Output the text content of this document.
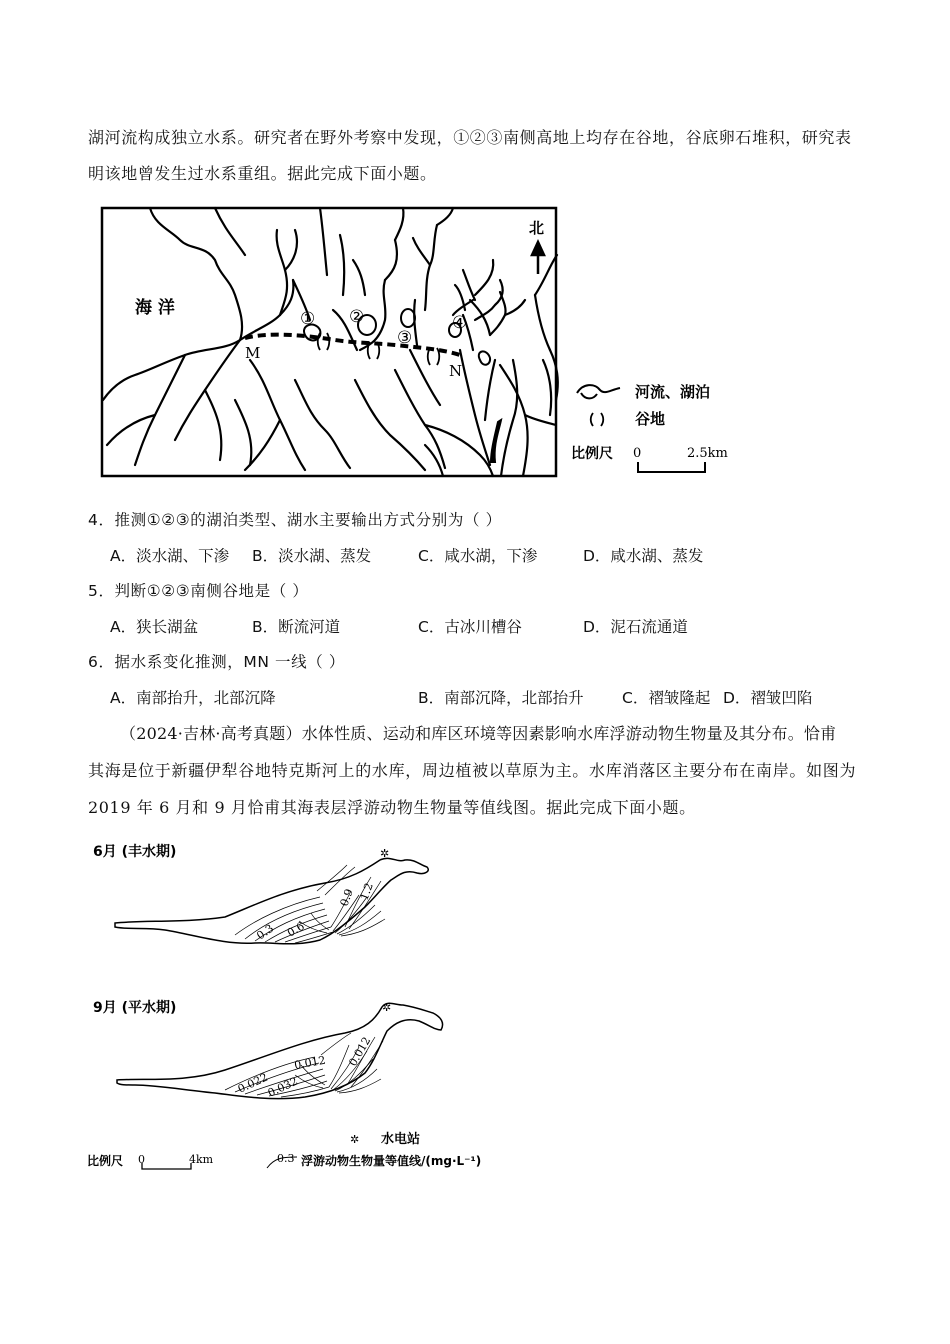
湖河流构成独立水系。研究者在野外考察中发现，①②③南侧高地上均存在谷地，谷底卵石堆积，研究表
明该地曾发生过水系重组。据此完成下面小题。
海 洋
北
M
N
① ②
③
④
河流、湖泊
谷地
比例尺 0	2.5km
4．推测①②③的湖泊类型、湖水主要输出方式分别为（ ）
A．淡水湖、下渗 B．淡水湖、蒸发	C．咸水湖，下渗	D．咸水湖、蒸发
5．判断①②③南侧谷地是（ ）
A．狭长湖盆	B．断流河道	C．古冰川槽谷	D．泥石流通道
6．据水系变化推测，MN 一线（ ）
A．南部抬升，北部沉降	B．南部沉降，北部抬升 C．褶皱隆起 D．褶皱凹陷
（2024·吉林·高考真题）水体性质、运动和库区环境等因素影响水库浮游动物生物量及其分布。恰甫
其海是位于新疆伊犁谷地特克斯河上的水库，周边植被以草原为主。水库消落区主要分布在南岸。如图为
2019 年 6 月和 9 月恰甫其海表层浮游动物生物量等值线图。据此完成下面小题。
6月 (丰水期)	✲
0.3 0.6
0.9 1.2
9月 (平水期)	✲
0.022
0.032
0.012 0.012
✲ 水电站
比例尺 0	4km	0.3 浮游动物生物量等值线/(mg·L⁻¹)
